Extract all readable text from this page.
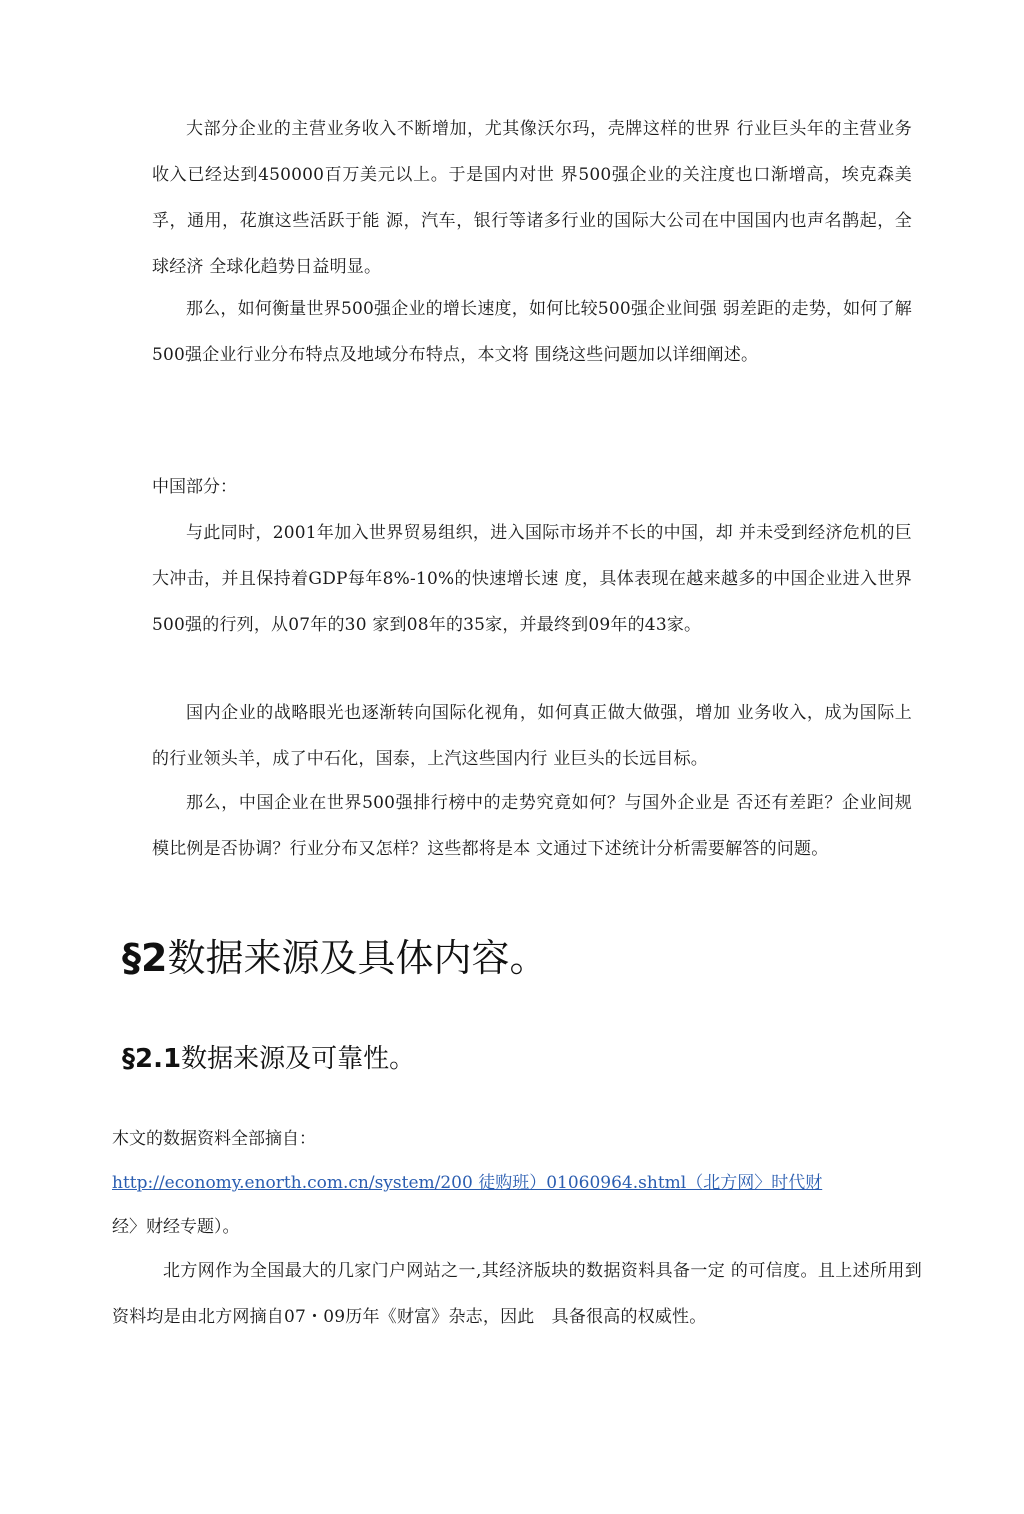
大部分企业的主营业务收入不断增加，尤其像沃尔玛，壳牌这样的世界 行业巨头年的主营业务收入已经达到450000百万美元以上。于是国内对世 界500强企业的关注度也口渐增高，埃克森美孚，通用，花旗这些活跃于能 源，汽车，银行等诸多行业的国际大公司在中国国内也声名鹊起，全球经济 全球化趋势日益明显。
那么，如何衡量世界500强企业的增长速度，如何比较500强企业间强 弱差距的走势，如何了解500强企业行业分布特点及地域分布特点，本文将 围绕这些问题加以详细阐述。
中国部分：
与此同时，2001年加入世界贸易组织，进入国际市场并不长的中国，却 并未受到经济危机的巨大冲击，并且保持着GDP每年8%-10%的快速增长速 度，具体表现在越来越多的中国企业进入世界500强的行列，从07年的30 家到08年的35家，并最终到09年的43家。
国内企业的战略眼光也逐渐转向国际化视角，如何真正做大做强，增加 业务收入，成为国际上的行业领头羊，成了中石化，国泰，上汽这些国内行 业巨头的长远目标。
那么，中国企业在世界500强排行榜中的走势究竟如何？与国外企业是 否还有差距？企业间规模比例是否协调？行业分布又怎样？这些都将是本 文通过下述统计分析需要解答的问题。
§2数据来源及具体内容。
§2.1数据来源及可靠性。
木文的数据资料全部摘自：
http://economy.enorth.com.cn/system/200 徒购班）01060964.shtml（北方网〉时代财
经〉财经专题）。
北方网作为全国最大的几家门户网站之一,其经济版块的数据资料具备一定 的可信度。且上述所用到资料均是由北方网摘自07・09历年《财富》杂志，因此　具备很高的权威性。
